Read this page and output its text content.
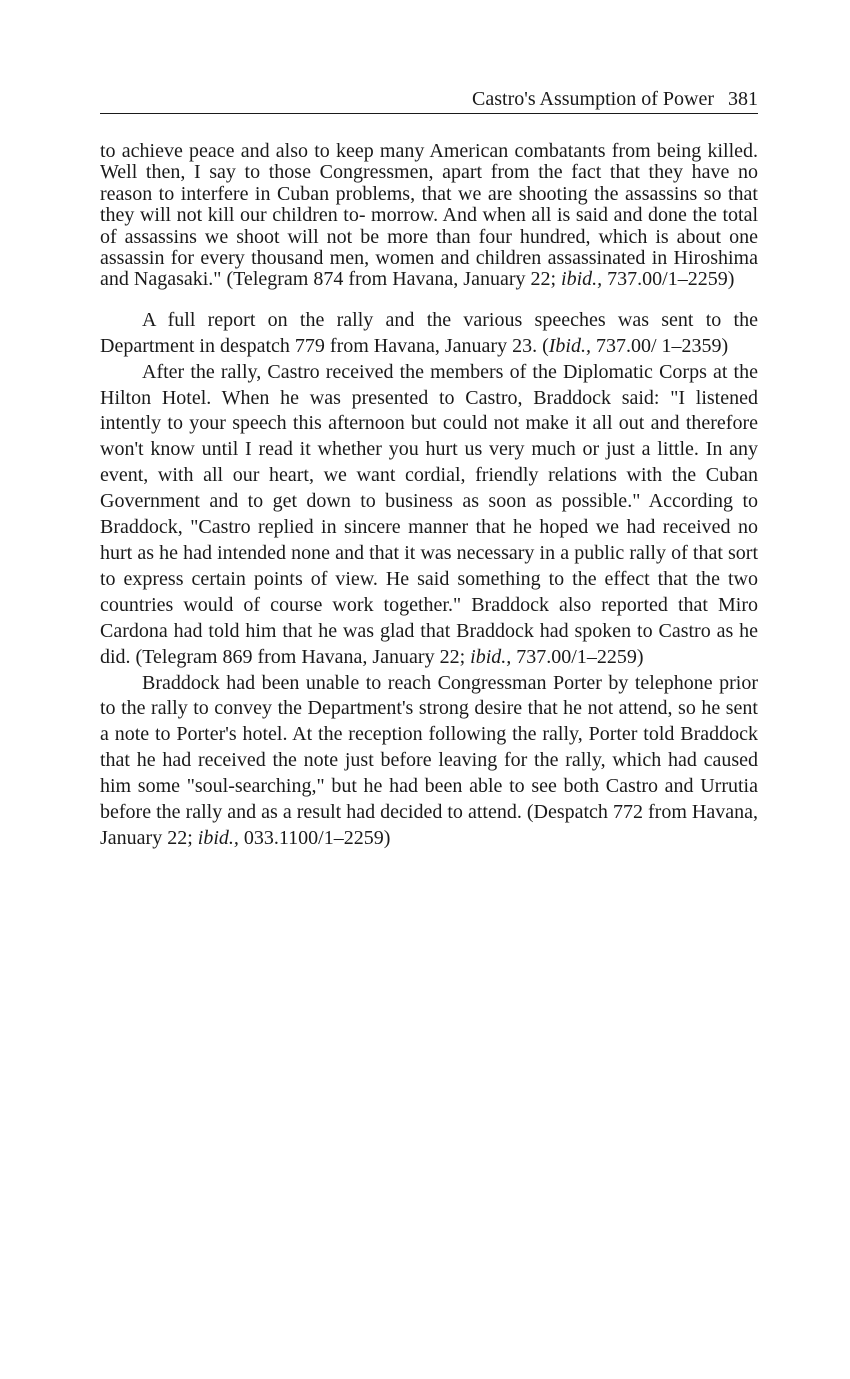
Castro's Assumption of Power 381

to achieve peace and also to keep many American combatants from being killed. Well then, I say to those Congressmen, apart from the fact that they have no reason to interfere in Cuban problems, that we are shooting the assassins so that they will not kill our children to- morrow. And when all is said and done the total of assassins we shoot will not be more than four hundred, which is about one assassin for every thousand men, women and children assassinated in Hiroshima and Nagasaki." (Telegram 874 from Havana, January 22; ibid., 737.00/1–2259)

A full report on the rally and the various speeches was sent to the Department in despatch 779 from Havana, January 23. (Ibid., 737.00/ 1–2359)

After the rally, Castro received the members of the Diplomatic Corps at the Hilton Hotel. When he was presented to Castro, Braddock said: "I listened intently to your speech this afternoon but could not make it all out and therefore won't know until I read it whether you hurt us very much or just a little. In any event, with all our heart, we want cordial, friendly relations with the Cuban Government and to get down to business as soon as possible." According to Braddock, "Castro replied in sincere manner that he hoped we had received no hurt as he had intended none and that it was necessary in a public rally of that sort to express certain points of view. He said something to the effect that the two countries would of course work together." Braddock also reported that Miro Cardona had told him that he was glad that Braddock had spoken to Castro as he did. (Telegram 869 from Havana, January 22; ibid., 737.00/1–2259)

Braddock had been unable to reach Congressman Porter by telephone prior to the rally to convey the Department's strong desire that he not attend, so he sent a note to Porter's hotel. At the reception following the rally, Porter told Braddock that he had received the note just before leaving for the rally, which had caused him some "soul-searching," but he had been able to see both Castro and Urrutia before the rally and as a result had decided to attend. (Despatch 772 from Havana, January 22; ibid., 033.1100/1–2259)
